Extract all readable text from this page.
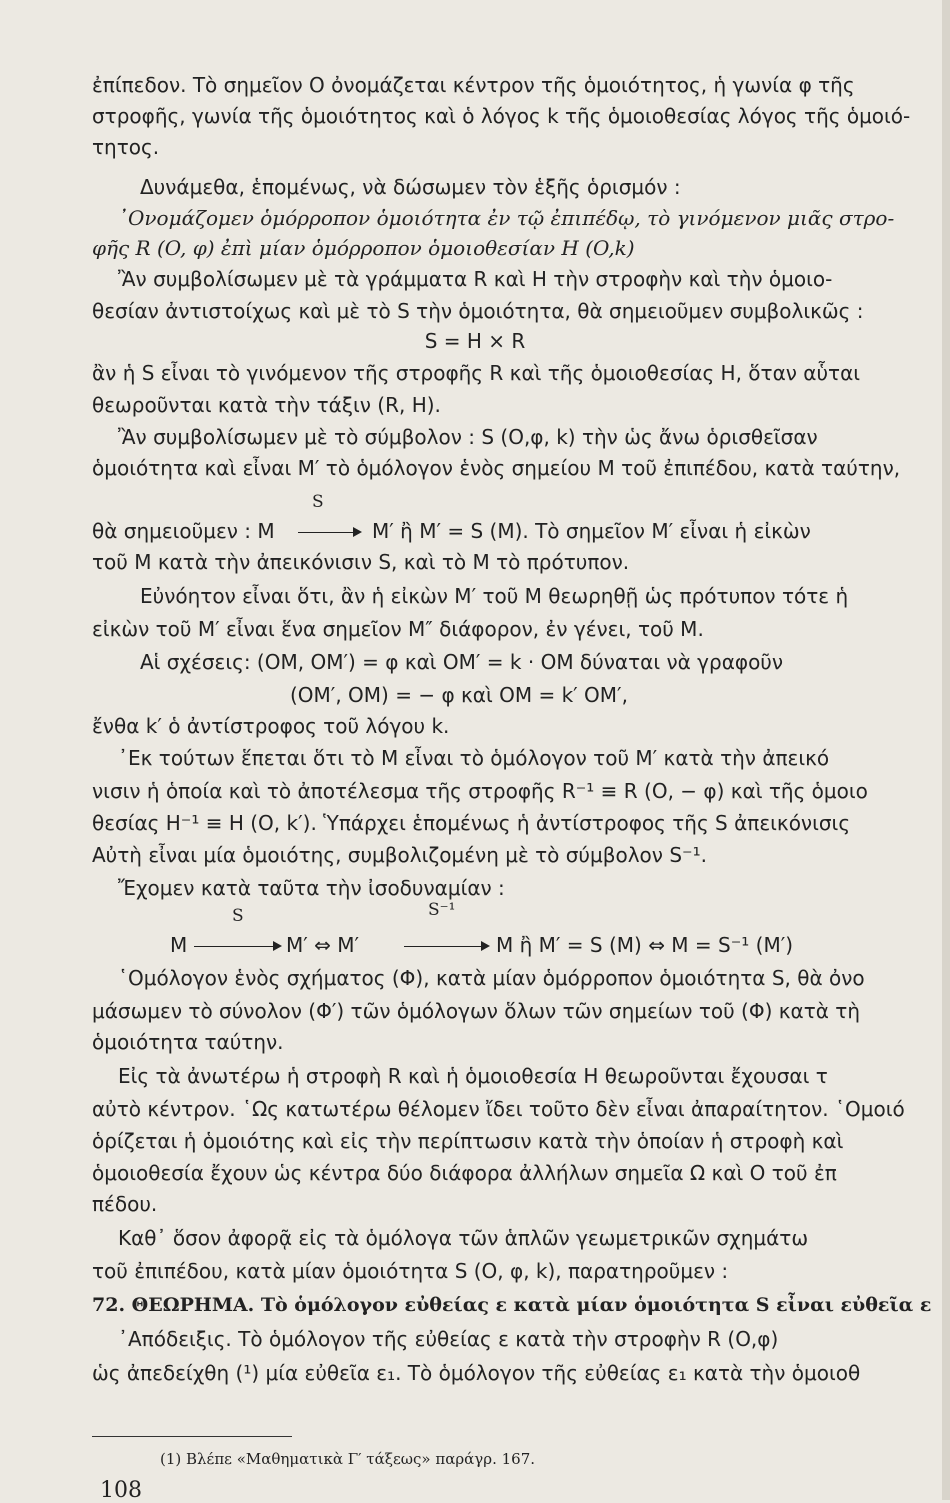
ἐπίπεδον. Τὸ σημεῖον Ο ὀνομάζεται κέντρον τῆς ὁμοιότητος, ἡ γωνία φ τῆς
στροφῆς, γωνία τῆς ὁμοιότητος καὶ ὁ λόγος k τῆς ὁμοιοθεσίας λόγος τῆς ὁμοιό-
τητος.
Δυνάμεθα, ἑπομένως, νὰ δώσωμεν τὸν ἑξῆς ὁρισμόν :
᾿Ονομάζομεν ὁμόρροπον ὁμοιότητα ἐν τῷ ἐπιπέδῳ, τὸ γινόμενον μιᾶς στρο-
φῆς R (O, φ) ἐπὶ μίαν ὁμόρροπον ὁμοιοθεσίαν H (O,k)
Ἂν συμβολίσωμεν μὲ τὰ γράμματα R καὶ H τὴν στροφὴν καὶ τὴν ὁμοιο-
θεσίαν ἀντιστοίχως καὶ μὲ τὸ S τὴν ὁμοιότητα, θὰ σημειοῦμεν συμβολικῶς :
S = H × R
ἂν ἡ S εἶναι τὸ γινόμενον τῆς στροφῆς R καὶ τῆς ὁμοιοθεσίας H, ὅταν αὗται
θεωροῦνται κατὰ τὴν τάξιν (R, H).
Ἂν συμβολίσωμεν μὲ τὸ σύμβολον : S (O,φ, k) τὴν ὡς ἄνω ὁρισθεῖσαν
ὁμοιότητα καὶ εἶναι M′ τὸ ὁμόλογον ἑνὸς σημείου M τοῦ ἐπιπέδου, κατὰ ταύτην,
S
θὰ σημειοῦμεν : M	M′ ἢ M′ = S (M). Τὸ σημεῖον M′ εἶναι ἡ εἰκὼν
τοῦ M κατὰ τὴν ἀπεικόνισιν S, καὶ τὸ M τὸ πρότυπον.
Εὐνόητον εἶναι ὅτι, ἂν ἡ εἰκὼν M′ τοῦ M θεωρηθῇ ὡς πρότυπον τότε ἡ
εἰκὼν τοῦ M′ εἶναι ἕνα σημεῖον M″ διάφορον, ἐν γένει, τοῦ M.
Αἱ σχέσεις: (OM, OM′) = φ καὶ OM′ = k · OM δύναται νὰ γραφοῦν
(OM′, OM) = − φ καὶ OM = k′ OM′,
ἔνθα k′ ὁ ἀντίστροφος τοῦ λόγου k.
᾿Εκ τούτων ἕπεται ὅτι τὸ M εἶναι τὸ ὁμόλογον τοῦ M′ κατὰ τὴν ἀπεικό
νισιν ἡ ὁποία καὶ τὸ ἀποτέλεσμα τῆς στροφῆς R⁻¹ ≡ R (O, − φ) καὶ τῆς ὁμοιο
θεσίας H⁻¹ ≡ H (O, k′). Ὑπάρχει ἑπομένως ἡ ἀντίστροφος τῆς S ἀπεικόνισις
Αὐτὴ εἶναι μία ὁμοιότης, συμβολιζομένη μὲ τὸ σύμβολον S⁻¹.
Ἔχομεν κατὰ ταῦτα τὴν ἰσοδυναμίαν :
S	S⁻¹
M	M′ ⇔ M′	M ἢ M′ = S (M) ⇔ M = S⁻¹ (M′)
῾Ομόλογον ἑνὸς σχήματος (Φ), κατὰ μίαν ὁμόρροπον ὁμοιότητα S, θὰ ὀνο
μάσωμεν τὸ σύνολον (Φ′) τῶν ὁμόλογων ὅλων τῶν σημείων τοῦ (Φ) κατὰ τὴ
ὁμοιότητα ταύτην.
Εἰς τὰ ἀνωτέρω ἡ στροφὴ R καὶ ἡ ὁμοιοθεσία H θεωροῦνται ἔχουσαι τ
αὐτὸ κέντρον. ῾Ως κατωτέρω θέλομεν ἴδει τοῦτο δὲν εἶναι ἀπαραίτητον. ῾Ομοιό
ὁρίζεται ἡ ὁμοιότης καὶ εἰς τὴν περίπτωσιν κατὰ τὴν ὁποίαν ἡ στροφὴ καὶ
ὁμοιοθεσία ἔχουν ὡς κέντρα δύο διάφορα ἀλλήλων σημεῖα Ω καὶ O τοῦ ἐπ
πέδου.
Καθ᾿ ὅσον ἀφορᾷ εἰς τὰ ὁμόλογα τῶν ἁπλῶν γεωμετρικῶν σχημάτω
τοῦ ἐπιπέδου, κατὰ μίαν ὁμοιότητα S (O, φ, k), παρατηροῦμεν :
72. ΘΕΩΡΗΜΑ. Τὸ ὁμόλογον εὐθείας ε κατὰ μίαν ὁμοιότητα S εἶναι εὐθεῖα ε
᾿Απόδειξις. Τὸ ὁμόλογον τῆς εὐθείας ε κατὰ τὴν στροφὴν R (O,φ)
ὡς ἀπεδείχθη (¹) μία εὐθεῖα ε₁. Τὸ ὁμόλογον τῆς εὐθείας ε₁ κατὰ τὴν ὁμοιοθ
(1) Βλέπε «Μαθηματικὰ Γ′ τάξεως» παράγρ. 167.
108
